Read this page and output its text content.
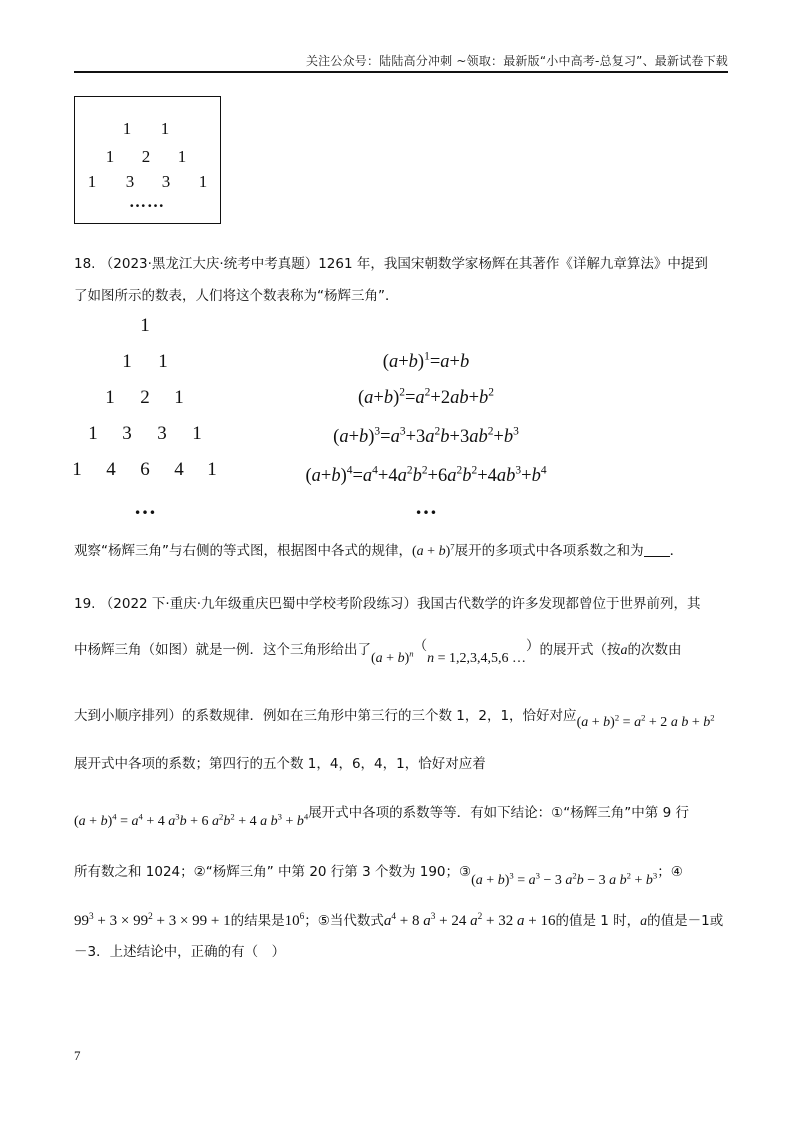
关注公众号：陆陆高分冲刺 ~领取：最新版“小中高考-总复习”、最新试卷下载
1 1
1 2 1
1 3 3 1
……
18. （2023·黑龙江大庆·统考中考真题）1261 年，我国宋朝数学家杨辉在其著作《详解九章算法》中提到
了如图所示的数表，人们将这个数表称为“杨辉三角”．
1
1 1
1 2 1
1 3 3 1
1 4 6 4 1
…
$(a+b)^1=a+b$
$(a+b)^2=a^2+2ab+b^2$
$(a+b)^3=a^3+3a^2b+3ab^2+b^3$
$(a+b)^4=a^4+4a^2b^2+6a^2b^2+4ab^3+b^4$
…
观察“杨辉三角”与右侧的等式图，根据图中各式的规律，$(a + b)^7$展开的多项式中各项系数之和为 ．
19. （2022 下·重庆·九年级重庆巴蜀中学校考阶段练习）我国古代数学的许多发现都曾位于世界前列，其
中杨辉三角（如图）就是一例．这个三角形给出了$(a + b)^n(n = 1,2,3,4,5,6$ …）的展开式（按a的次数由
大到小顺序排列）的系数规律．例如在三角形中第三行的三个数 1，2，1，恰好对应$(a + b)^2 = a^2 + 2$ a $b + b^2$
展开式中各项的系数；第四行的五个数 1，4，6，4，1，恰好对应着
$(a + b)^4 = a^4 + 4$ $a^3b + 6$ $a^2b^2 + 4$ a $b^3 + b^4$展开式中各项的系数等等．有如下结论：①“杨辉三角”中第 9 行
所有数之和 1024；②“杨辉三角” 中第 20 行第 3 个数为 190；③(a + $b)^3 = a^3 - 3$ $a^2b - 3$ a $b^2 + b^3$；④
$99^3 + 3 \times 99^2 + 3 \times 99 + 1$的结果是$10^6$；⑤当代数式$a^4 + 8$ $a^3 + 24$ $a^2 + 32$ a + 16的值是 1 时，a的值是－1或
－3．上述结论中，正确的有（　）
7
